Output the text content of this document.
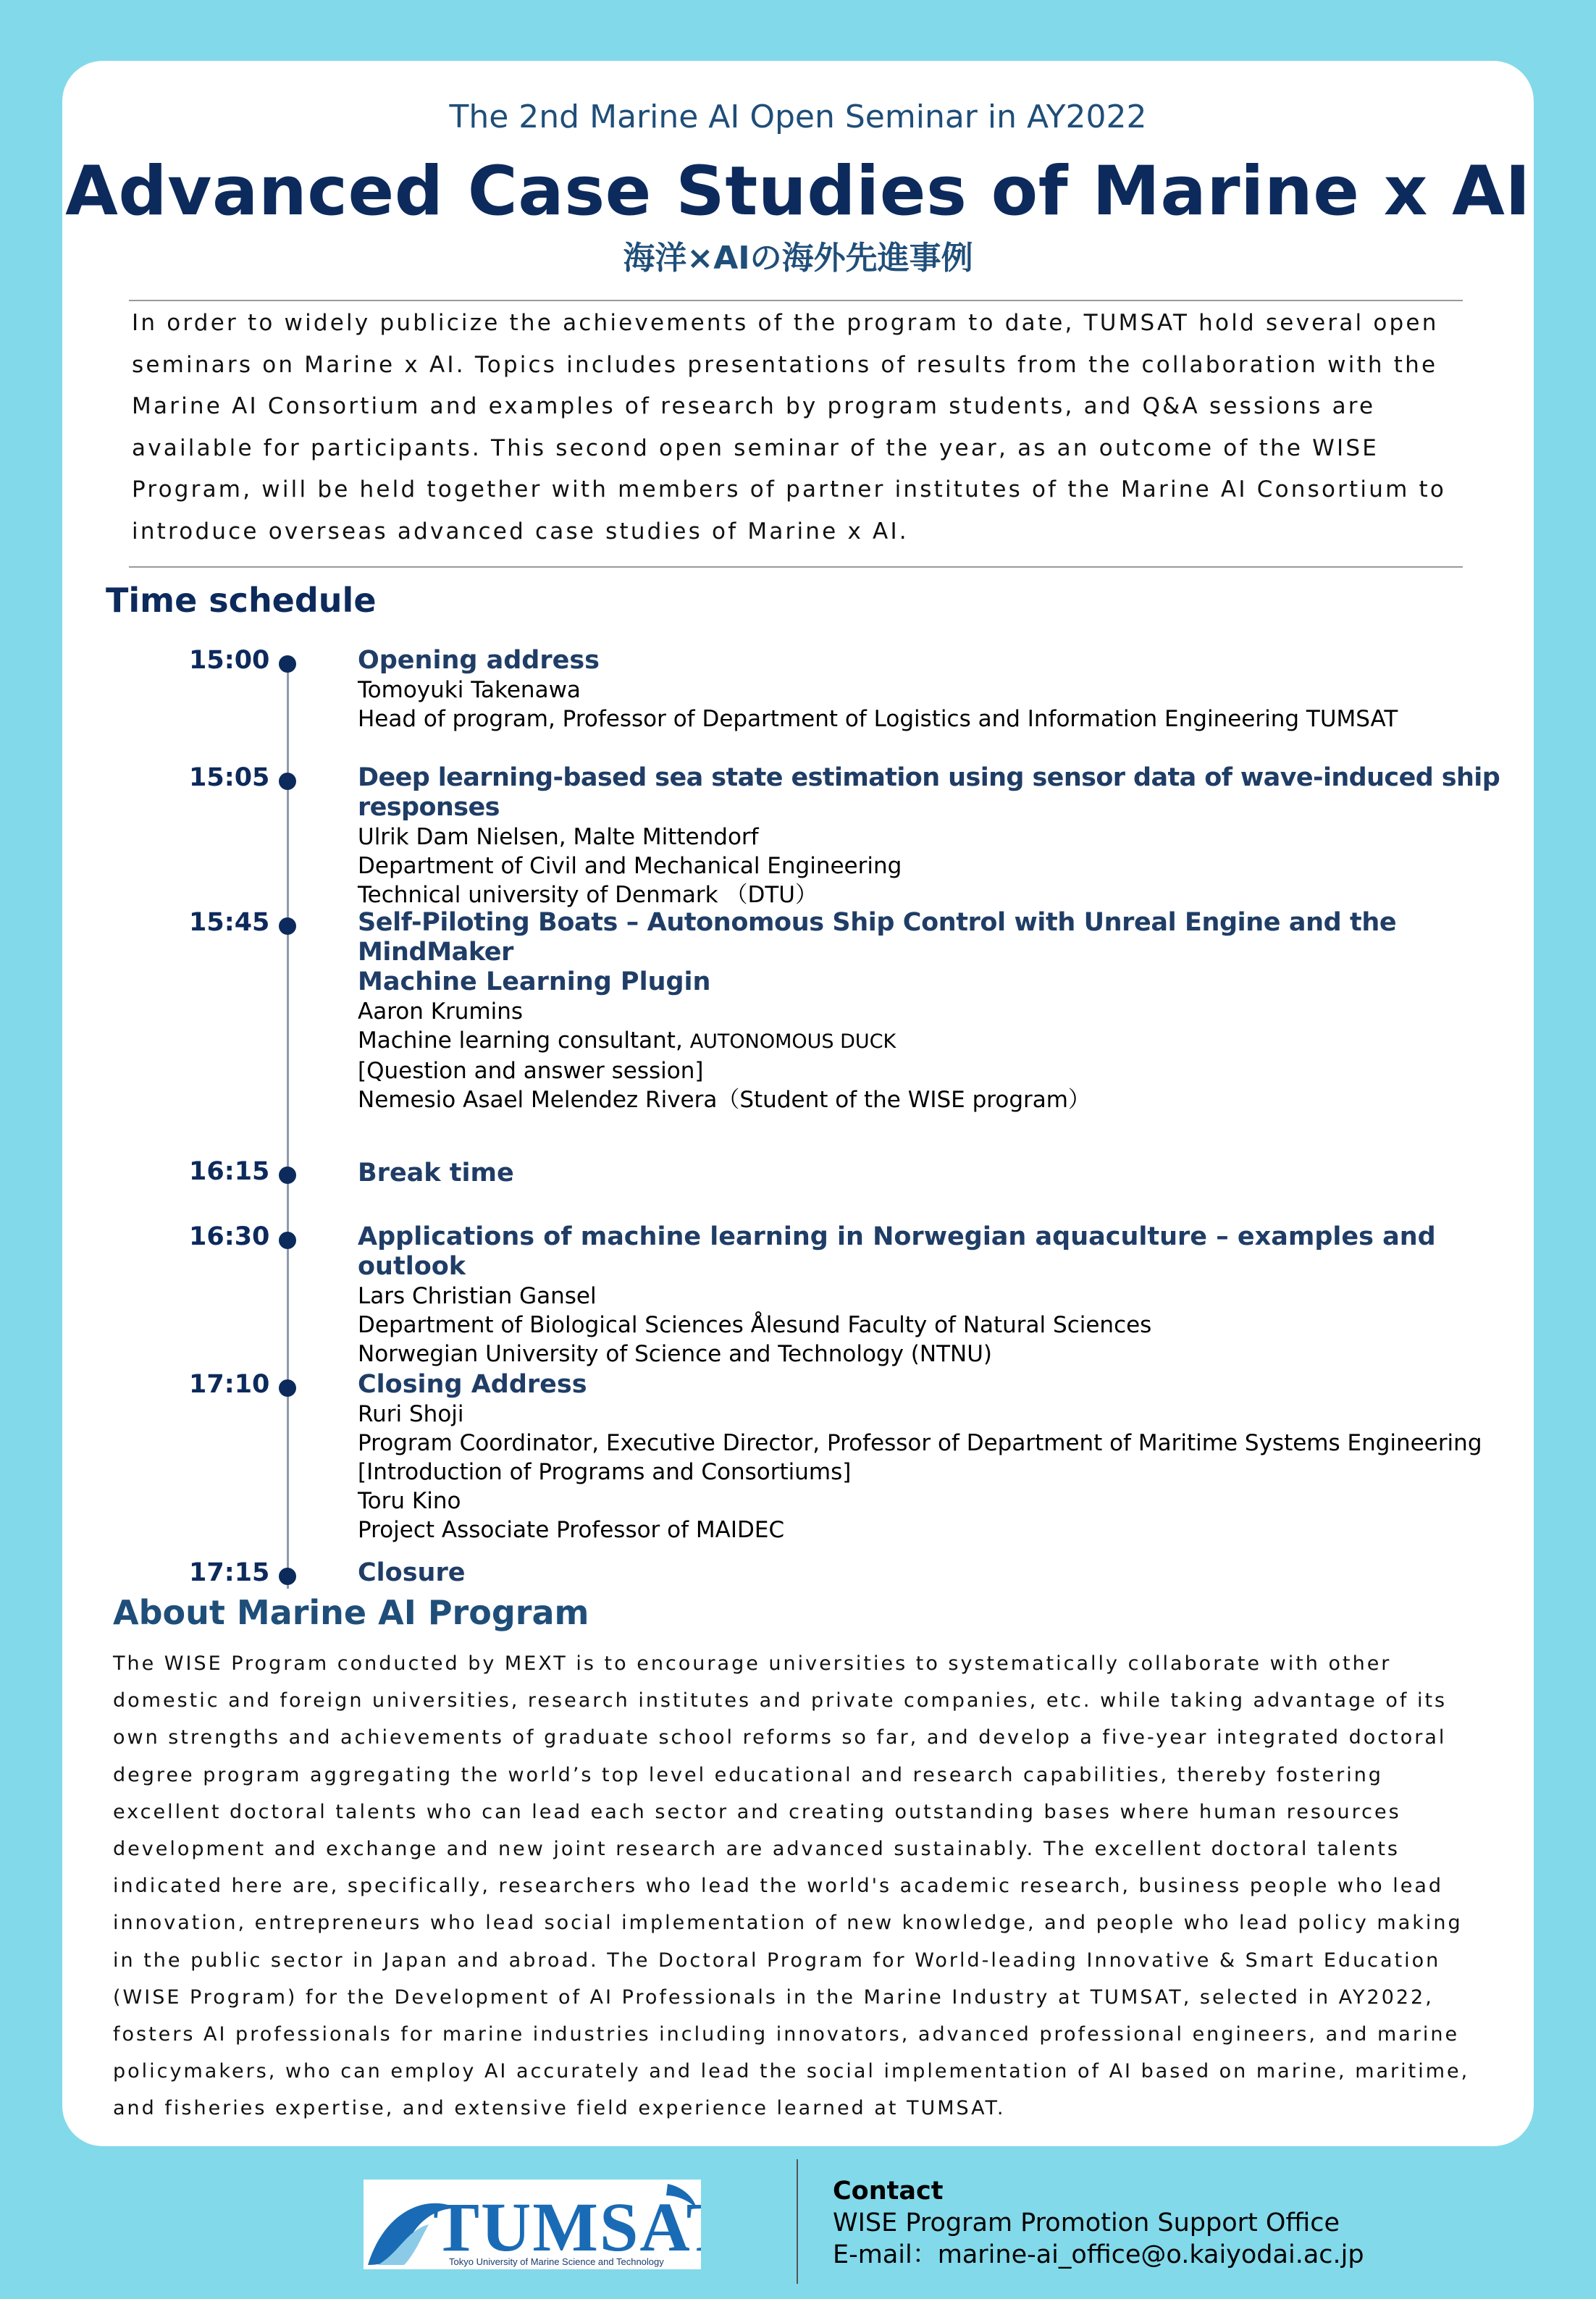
The 2nd Marine AI Open Seminar in AY2022
Advanced Case Studies of Marine x AI
海洋×AIの海外先進事例

In order to widely publicize the achievements of the program to date, TUMSAT hold several open seminars on Marine x AI. Topics includes presentations of results from the collaboration with the Marine AI Consortium and examples of research by program students, and Q&A sessions are available for participants. This second open seminar of the year, as an outcome of the WISE Program, will be held together with members of partner institutes of the Marine AI Consortium to introduce overseas advanced case studies of Marine x AI.

Time schedule
15:00	Opening address
Tomoyuki Takenawa
Head of program, Professor of Department of Logistics and Information Engineering TUMSAT
15:05	Deep learning-based sea state estimation using sensor data of wave-induced ship responses
Ulrik Dam Nielsen, Malte Mittendorf
Department of Civil and Mechanical Engineering
Technical university of Denmark （DTU）
15:45	Self-Piloting Boats – Autonomous Ship Control with Unreal Engine and the MindMaker
Machine Learning Plugin
Aaron Krumins
Machine learning consultant, AUTONOMOUS DUCK
[Question and answer session]
Nemesio Asael Melendez Rivera（Student of the WISE program）
16:15	Break time
16:30	Applications of machine learning in Norwegian aquaculture – examples and outlook
Lars Christian Gansel
Department of Biological Sciences Ålesund Faculty of Natural Sciences
Norwegian University of Science and Technology (NTNU)
17:10	Closing Address
Ruri Shoji
Program Coordinator, Executive Director, Professor of Department of Maritime Systems Engineering
[Introduction of Programs and Consortiums]
Toru Kino
Project Associate Professor of MAIDEC
17:15	Closure
About Marine AI Program

The WISE Program conducted by MEXT is to encourage universities to systematically collaborate with other domestic and foreign universities, research institutes and private companies, etc. while taking advantage of its own strengths and achievements of graduate school reforms so far, and develop a five-year integrated doctoral degree program aggregating the world’s top level educational and research capabilities, thereby fostering excellent doctoral talents who can lead each sector and creating outstanding bases where human resources development and exchange and new joint research are advanced sustainably. The excellent doctoral talents indicated here are, specifically, researchers who lead the world's academic research, business people who lead innovation, entrepreneurs who lead social implementation of new knowledge, and people who lead policy making in the public sector in Japan and abroad. The Doctoral Program for World-leading Innovative & Smart Education (WISE Program) for the Development of AI Professionals in the Marine Industry at TUMSAT, selected in AY2022, fosters AI professionals for marine industries including innovators, advanced professional engineers, and marine policymakers, who can employ AI accurately and lead the social implementation of AI based on marine, maritime, and fisheries expertise, and extensive field experience learned at TUMSAT.

TUMSA
Tokyo University of Marine Science and Technology
Contact
WISE Program Promotion Support Office
E-mail：marine-ai_office@o.kaiyodai.ac.jp
